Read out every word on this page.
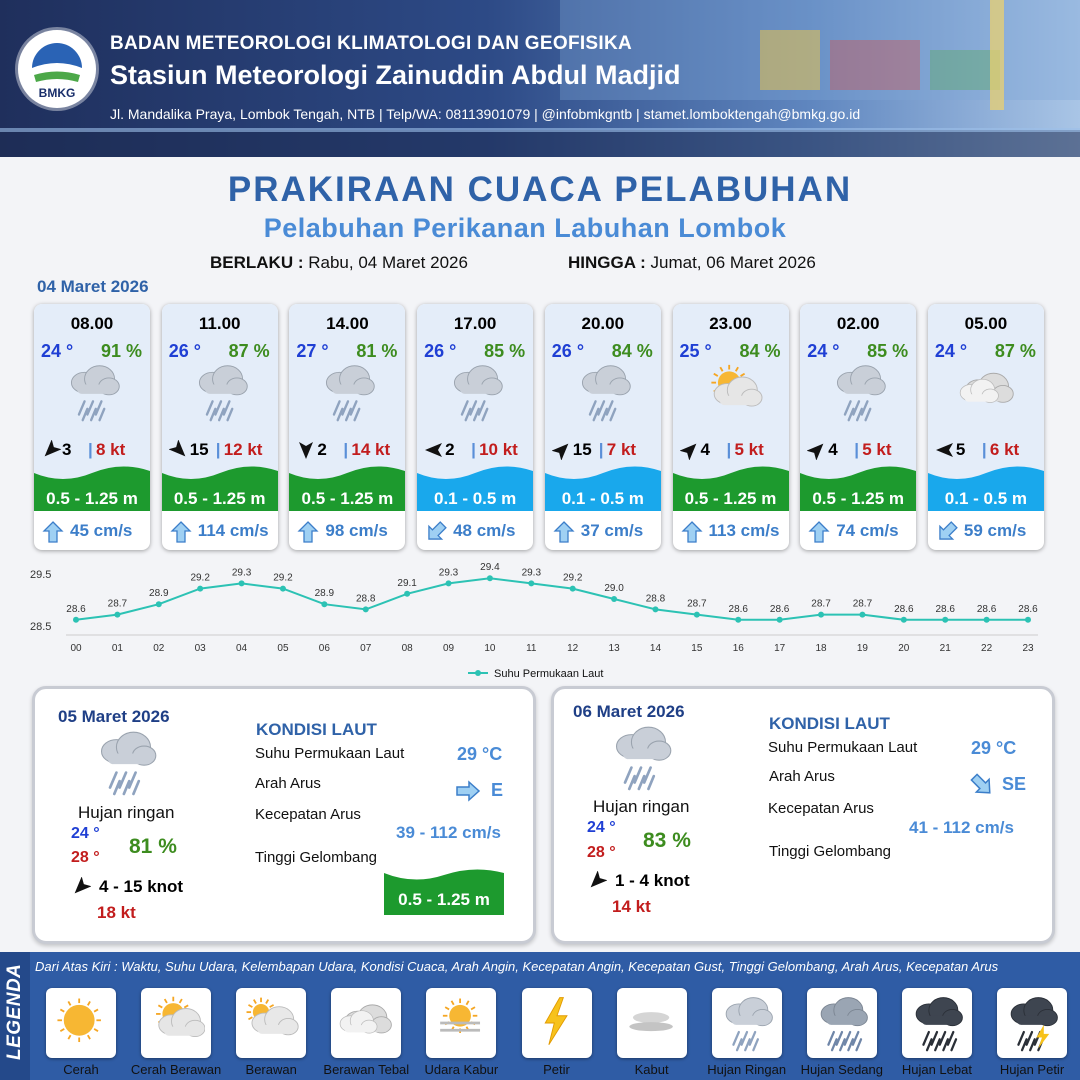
BMKG
BADAN METEOROLOGI KLIMATOLOGI DAN GEOFISIKA
Stasiun Meteorologi Zainuddin Abdul Madjid
Jl. Mandalika Praya, Lombok Tengah, NTB | Telp/WA: 08113901079 | @infobmkgntb | stamet.lomboktengah@bmkg.go.id
PRAKIRAAN CUACA PELABUHAN
Pelabuhan Perikanan Labuhan Lombok
BERLAKU : Rabu, 04 Maret 2026	HINGGA : Jumat, 06 Maret 2026
04 Maret 2026
08.00
24 ° 91 %
3 | 8 kt
0.5 - 1.25 m
45 cm/s
11.00
26 ° 87 %
15 | 12 kt
0.5 - 1.25 m
114 cm/s
14.00
27 ° 81 %
2 | 14 kt
0.5 - 1.25 m
98 cm/s
17.00
26 ° 85 %
2 | 10 kt
0.1 - 0.5 m
48 cm/s
20.00
26 ° 84 %
15 | 7 kt
0.1 - 0.5 m
37 cm/s
23.00
25 ° 84 %
4 | 5 kt
0.5 - 1.25 m
113 cm/s
02.00
24 ° 85 %
4 | 5 kt
0.5 - 1.25 m
74 cm/s
05.00
24 ° 87 %
5 | 6 kt
0.1 - 0.5 m
59 cm/s
29.5
28.5
28.6
00
28.7
01
28.9
02
29.2
03
29.3
04
29.2
05
28.9
06
28.8
07
29.1
08
29.3
09
29.4
10
29.3
11
29.2
12
29.0
13
28.8
14
28.7
15
28.6
16
28.6
17
28.7
18
28.7
19
28.6
20
28.6
21
28.6
22
28.6
23
Suhu Permukaan Laut
05 Maret 2026
Hujan ringan
24 °
28 ° 81 %
4 - 15 knot
18 kt
KONDISI LAUT
Suhu Permukaan Laut	29 °C
Arah Arus	E
Kecepatan Arus
39 - 112 cm/s
Tinggi Gelombang
0.5 - 1.25 m
06 Maret 2026
Hujan ringan
24 °
28 °
83 %
1 - 4 knot
14 kt
KONDISI LAUT
Suhu Permukaan Laut	29 °C
Arah Arus	SE
Kecepatan Arus
41 - 112 cm/s
Tinggi Gelombang
LEGENDA Dari Atas Kiri : Waktu, Suhu Udara, Kelembapan Udara, Kondisi Cuaca, Arah Angin, Kecepatan Angin, Kecepatan Gust, Tinggi Gelombang, Arah Arus, Kecepatan Arus
Cerah	Cerah Berawan	Berawan	Berawan Tebal	Udara Kabur	Petir	Kabut	Hujan Ringan	Hujan Sedang	Hujan Lebat	Hujan Petir
